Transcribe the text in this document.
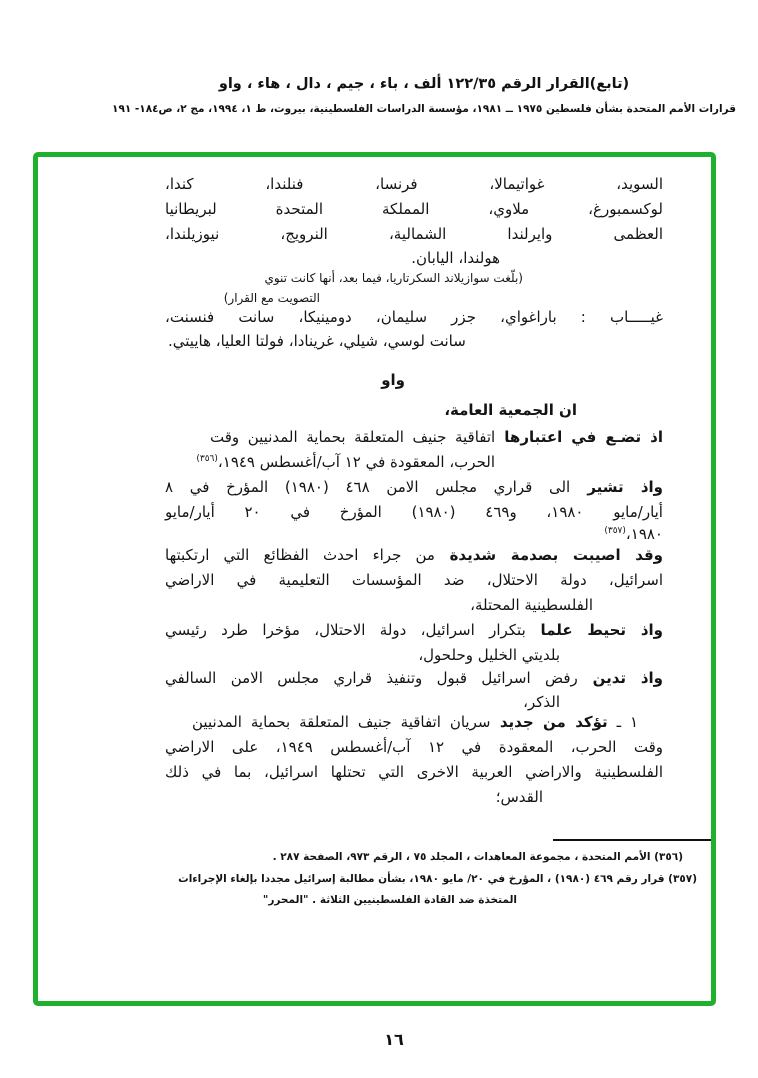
(تابع)القرار الرقم ١٢٢/٣٥ ألف ، باء ، جيم ، دال ، هاء ، واو
قرارات الأمم المتحدة بشأن فلسطين ١٩٧٥ ــ ١٩٨١، مؤسسة الدراسات الفلسطينية، بيروت، ط ١، ١٩٩٤، مج ٢، ص١٨٤- ١٩١
السويد، غواتيمالا، فرنسا، فنلندا، كندا،
لوكسمبورغ، ملاوي، المملكة المتحدة لبريطانيا
العظمى وايرلندا الشمالية، النرويج، نيوزيلندا،
هولندا، اليابان.
(بلّغت سوازيلاند السكرتاريا، فيما بعد، أنها كانت تنوي
التصويت مع القرار)
غيـــــاب : باراغواي، جزر سليمان، دومينيكا، سانت فنسنت،
سانت لوسي، شيلي، غرينادا، فولتا العليا، هاييتي.
واو
ان الجمعية العامة،
اذ تضـع في اعتبارها اتفاقية جنيف المتعلقة بحماية المدنيين وقت
الحرب، المعقودة في ١٢ آب/أغسطس ١٩٤٩،$^{(٣٥٦)}$
واذ تشير الى قراري مجلس الامن ٤٦٨ (١٩٨٠) المؤرخ في ٨
أيار/مايو ١٩٨٠، و٤٦٩ (١٩٨٠) المؤرخ في ٢٠ أيار/مايو
١٩٨٠،$^{(٣٥٧)}$
وقد اصيبت بصدمة شديدة من جراء احدث الفظائع التي ارتكبتها
اسرائيل، دولة الاحتلال، ضد المؤسسات التعليمية في الاراضي
الفلسطينية المحتلة،
واذ تحيط علما بتكرار اسرائيل، دولة الاحتلال، مؤخرا طرد رئيسي
بلديتي الخليل وحلحول،
واذ تدين رفض اسرائيل قبول وتنفيذ قراري مجلس الامن السالفي
الذكر،
١ ـ تؤكد من جديد سريان اتفاقية جنيف المتعلقة بحماية المدنيين
وقت الحرب، المعقودة في ١٢ آب/أغسطس ١٩٤٩، على الاراضي
الفلسطينية والاراضي العربية الاخرى التي تحتلها اسرائيل، بما في ذلك
القدس؛
(٣٥٦) الأمم المتحدة ، مجموعة المعاهدات ، المجلد ٧٥ ، الرقم ٩٧٣، الصفحة ٢٨٧ .
(٣٥٧) قرار رقم ٤٦٩ (١٩٨٠) ، المؤرخ في ٢٠/ مايو ١٩٨٠، بشأن مطالبة إسرائيل مجددا بإلغاء الإجراءات
المتخذة ضد القادة الفلسطينيين الثلاثة . "المحرر"
١٦
